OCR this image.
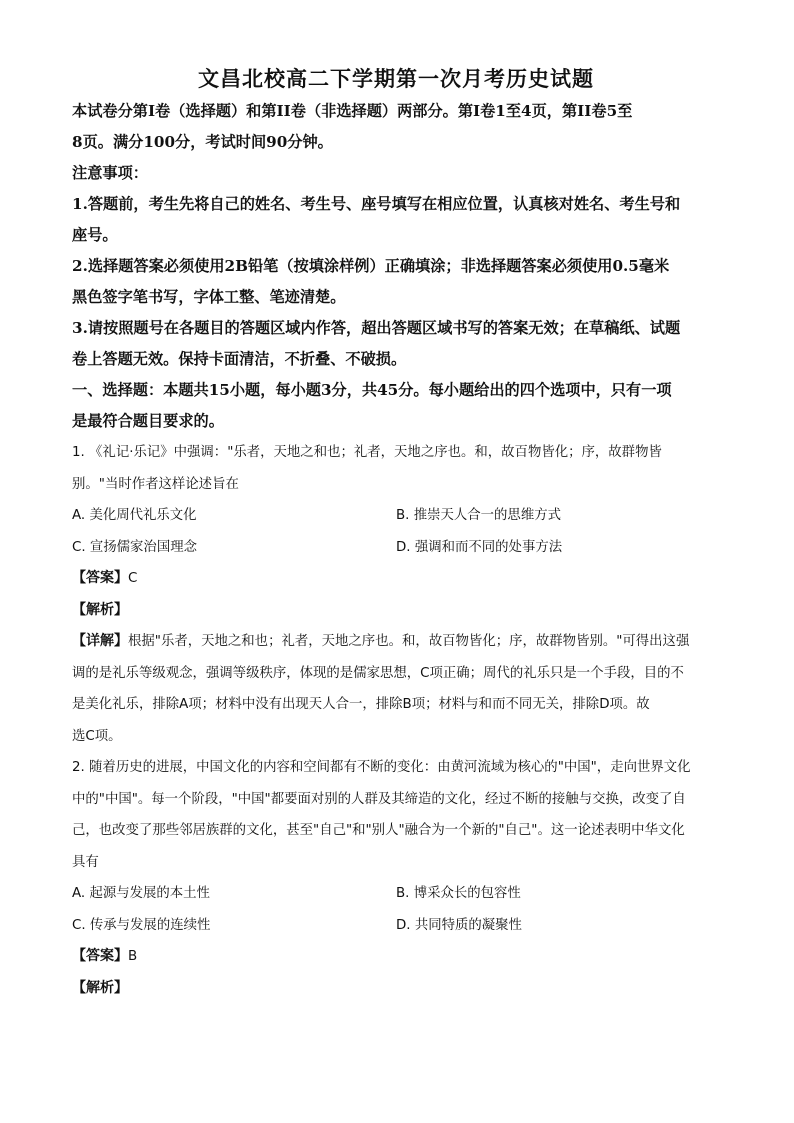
文昌北校高二下学期第一次月考历史试题

本试卷分第Ⅰ卷（选择题）和第II卷（非选择题）两部分。第Ⅰ卷1至4页，第II卷5至

8页。满分100分，考试时间90分钟。

注意事项：

1.答题前，考生先将自己的姓名、考生号、座号填写在相应位置，认真核对姓名、考生号和

座号。

2.选择题答案必须使用2B铅笔（按填涂样例）正确填涂；非选择题答案必须使用0.5毫米

黑色签字笔书写，字体工整、笔迹清楚。

3.请按照题号在各题目的答题区域内作答，超出答题区域书写的答案无效；在草稿纸、试题

卷上答题无效。保持卡面清洁，不折叠、不破损。

一、选择题：本题共15小题，每小题3分，共45分。每小题给出的四个选项中，只有一项

是最符合题目要求的。

1. 《礼记·乐记》中强调："乐者，天地之和也；礼者，天地之序也。和，故百物皆化；序，故群物皆

别。"当时作者这样论述旨在

A. 美化周代礼乐文化	B. 推崇天人合一的思维方式
C. 宣扬儒家治国理念	D. 强调和而不同的处事方法

【答案】C

【解析】

【详解】根据"乐者，天地之和也；礼者，天地之序也。和，故百物皆化；序，故群物皆别。"可得出这强

调的是礼乐等级观念，强调等级秩序，体现的是儒家思想，C项正确；周代的礼乐只是一个手段，目的不

是美化礼乐，排除A项；材料中没有出现天人合一，排除B项；材料与和而不同无关，排除D项。故

选C项。

2. 随着历史的进展，中国文化的内容和空间都有不断的变化：由黄河流域为核心的"中国"，走向世界文化

中的"中国"。每一个阶段，"中国"都要面对别的人群及其缔造的文化，经过不断的接触与交换，改变了自

己，也改变了那些邻居族群的文化，甚至"自己"和"别人"融合为一个新的"自己"。这一论述表明中华文化

具有

A. 起源与发展的本土性	B. 博采众长的包容性
C. 传承与发展的连续性	D. 共同特质的凝聚性

【答案】B

【解析】
